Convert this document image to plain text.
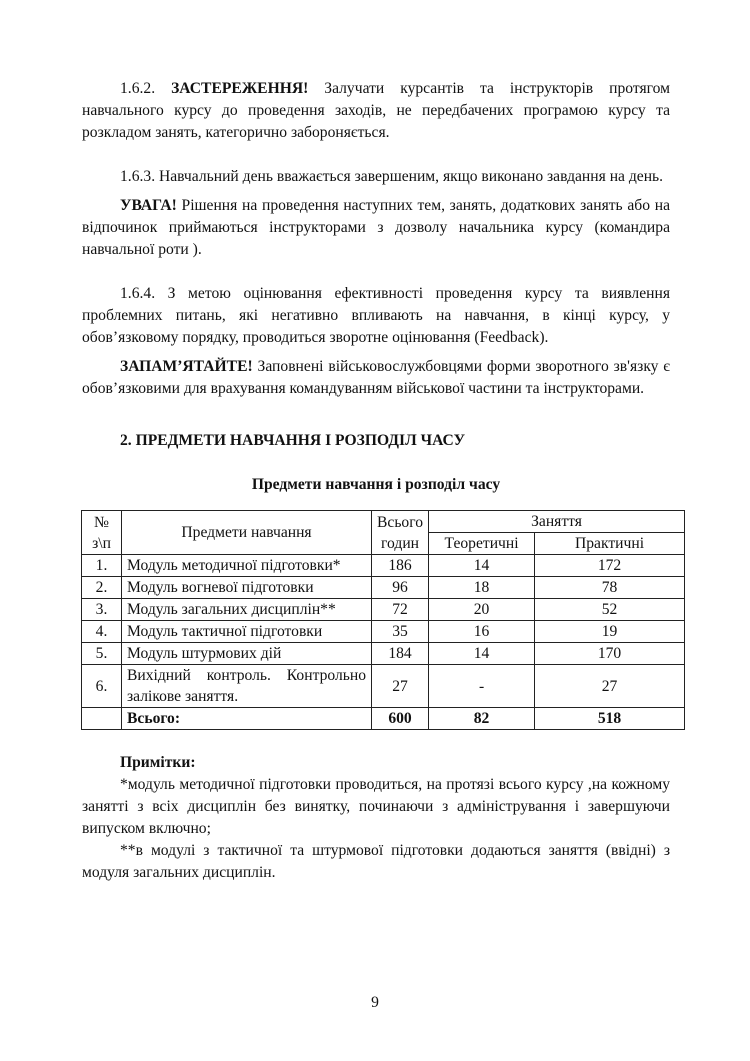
1.6.2. ЗАСТЕРЕЖЕННЯ! Залучати курсантів та інструкторів протягом навчального курсу до проведення заходів, не передбачених програмою курсу та розкладом занять, категорично забороняється.

1.6.3. Навчальний день вважається завершеним, якщо виконано завдання на день.

УВАГА! Рішення на проведення наступних тем, занять, додаткових занять або на відпочинок приймаються інструкторами з дозволу начальника курсу (командира навчальної роти ).

1.6.4. З метою оцінювання ефективності проведення курсу та виявлення проблемних питань, які негативно впливають на навчання, в кінці курсу, у обов’язковому порядку, проводиться зворотне оцінювання (Feedback).

ЗАПАМ’ЯТАЙТЕ! Заповнені військовослужбовцями форми зворотного зв'язку є обов’язковими для врахування командуванням військової частини та інструкторами.

2. ПРЕДМЕТИ НАВЧАННЯ І РОЗПОДІЛ ЧАСУ

Предмети навчання і розподіл часу
№ з\п	Предмети навчання	Всього годин	Заняття	
			Теоретичні	Практичні
1.	Модуль методичної підготовки*	186	14	172
2.	Модуль вогневої підготовки	96	18	78
3.	Модуль загальних дисциплін**	72	20	52
4.	Модуль тактичної підготовки	35	16	19
5.	Модуль штурмових дій	184	14	170
6.	Вихідний контроль. Контрольно залікове заняття.	27	-	27
	Всього:	600	82	518

Примітки:

*модуль методичної підготовки проводиться, на протязі всього курсу ,на кожному занятті з всіх дисциплін без винятку, починаючи з адміністрування і завершуючи випуском включно;

**в модулі з тактичної та штурмової підготовки додаються заняття (ввідні) з модуля загальних дисциплін.

9
